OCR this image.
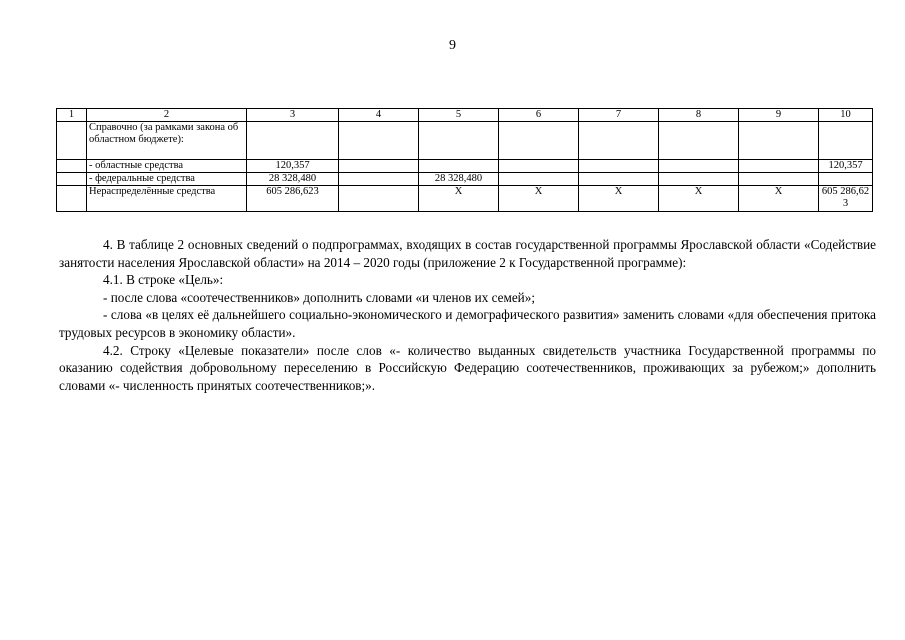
9
1	2	3	4	5	6	7	8	9	10
	Справочно (за рамками закона об областном бюджете):								
	- областные средства	120,357							120,357
	- федеральные средства	28 328,480		28 328,480					
	Нераспределённые средства	605 286,623		X	X	X	X	X	605 286,623

4. В таблице 2 основных сведений о подпрограммах, входящих в состав государственной программы Ярославской области «Содействие занятости населения Ярославской области» на 2014 – 2020 годы (приложение 2 к Государственной программе):

4.1. В строке «Цель»:

- после слова «соотечественников» дополнить словами «и членов их семей»;

- слова «в целях её дальнейшего социально-экономического и демографического развития» заменить словами «для обеспечения притока трудовых ресурсов в экономику области».

4.2. Строку «Целевые показатели» после слов «- количество выданных свидетельств участника Государственной программы по оказанию содействия добровольному переселению в Российскую Федерацию соотечественников, проживающих за рубежом;» дополнить словами «- численность принятых соотечественников;».
